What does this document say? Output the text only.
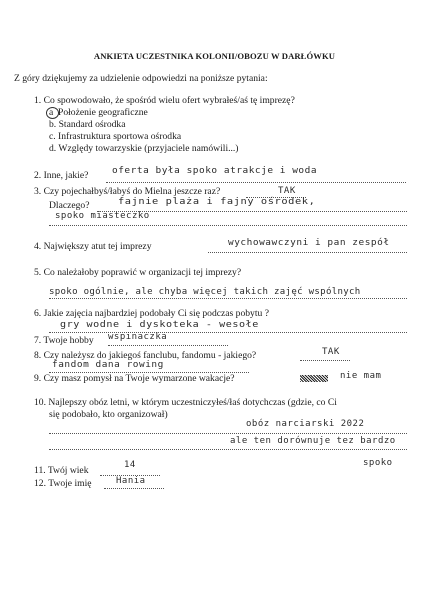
ANKIETA UCZESTNIKA KOLONII/OBOZU W DARŁÓWKU
Z góry dziękujemy za udzielenie odpowiedzi na poniższe pytania:
1. Co spowodowało, że spośród wielu ofert wybrałeś/aś tę imprezę?
a Położenie geograficzne
b. Standard ośrodka
c. Infrastruktura sportowa ośrodka
d. Względy towarzyskie (przyjaciele namówili...)
2. Inne, jakie?	oferta była spoko atrakcje i woda
3. Czy pojechałbyś/łabyś do Mielna jeszcze raz?	TAK
Dlaczego?	fajnie plaża i fajny ośrodek,
spoko miasteczko
4. Największy atut tej imprezy	wychowawczyni i pan zespół
5. Co należałoby poprawić w organizacji tej imprezy?
spoko ogólnie, ale chyba więcej takich zajęć wspólnych
6. Jakie zajęcia najbardziej podobały Ci się podczas pobytu ?
gry wodne i dyskoteka - wesołe
7. Twoje hobby wspinaczka
8. Czy należysz do jakiegoś fanclubu, fandomu - jakiego?	TAK
fandom dana rowing
9. Czy masz pomysł na Twoje wymarzone wakacje?	nie mam
10. Najlepszy obóz letni, w którym uczestniczyłeś/łaś dotychczas (gdzie, co Ci
się podobało, kto organizował)
obóz narciarski 2022
ale ten dorównuje tez bardzo
spoko
11. Twój wiek	14
12. Twoje imię	Hania
